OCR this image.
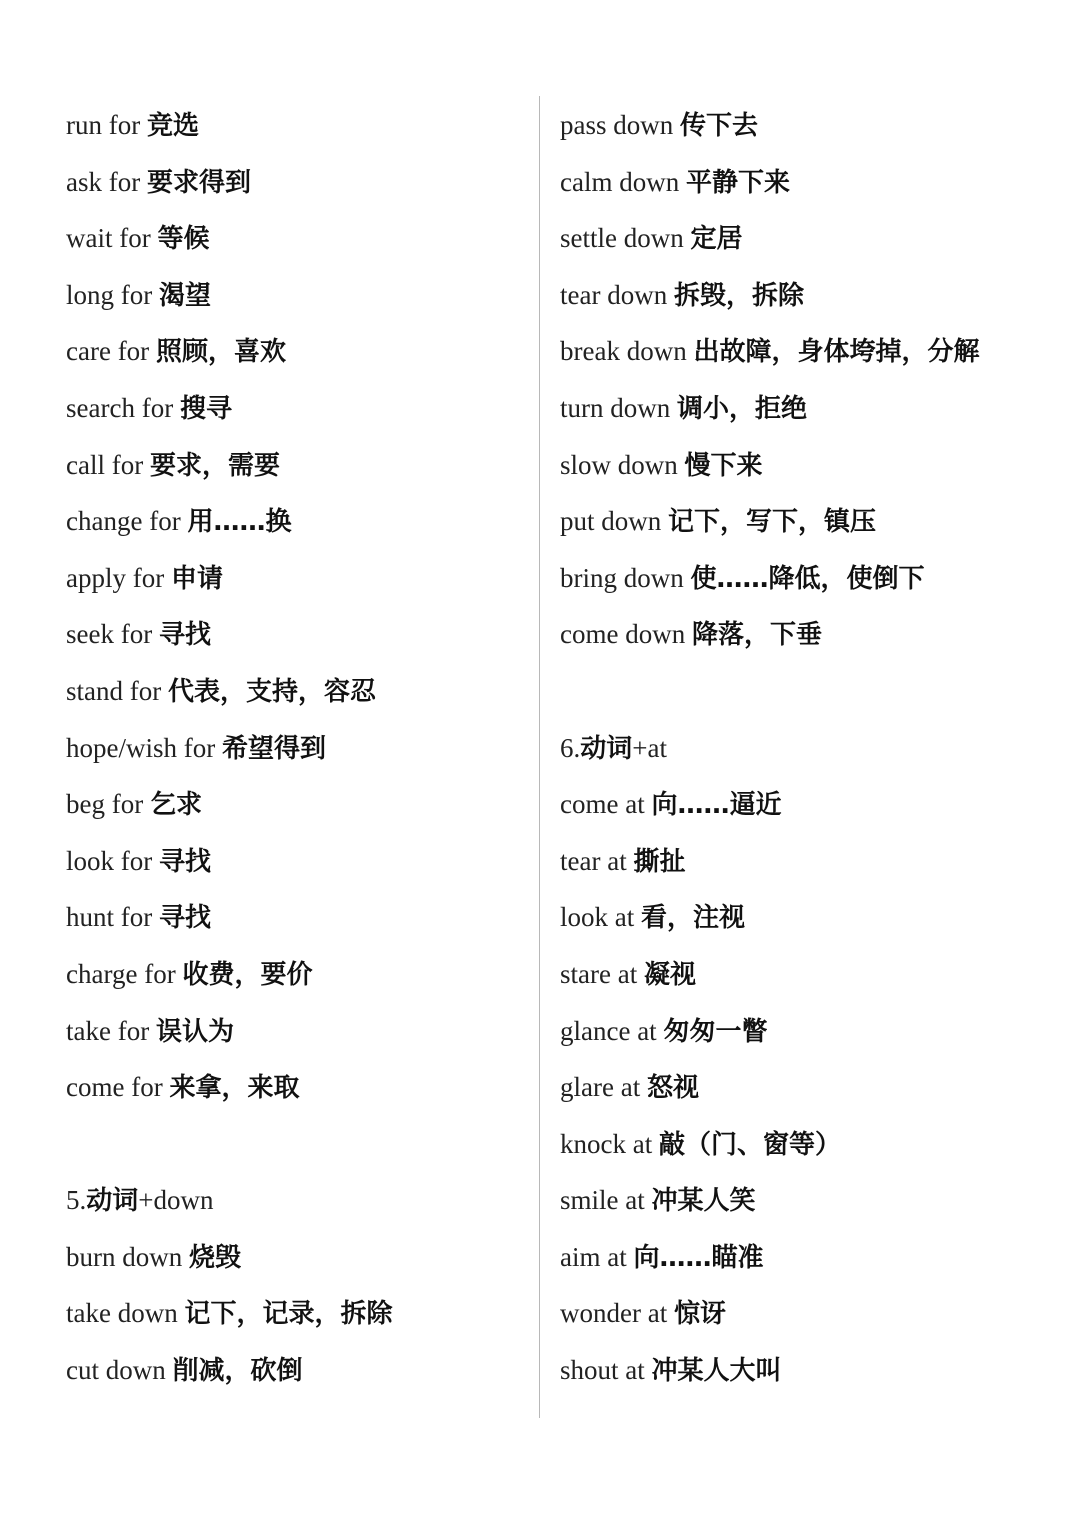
run for 竞选
ask for 要求得到
wait for 等候
long for 渴望
care for 照顾，喜欢
search for 搜寻
call for 要求，需要
change for 用……换
apply for 申请
seek for 寻找
stand for 代表，支持，容忍
hope/wish for 希望得到
beg for 乞求
look for 寻找
hunt for 寻找
charge for 收费，要价
take for 误认为
come for 来拿，来取
5.动词+down
burn down 烧毁
take down 记下，记录，拆除
cut down 削减，砍倒
pass down 传下去
calm down 平静下来
settle down 定居
tear down 拆毁，拆除
break down 出故障，身体垮掉，分解
turn down 调小，拒绝
slow down 慢下来
put down 记下，写下，镇压
bring down 使……降低，使倒下
come down 降落，下垂
6.动词+at
come at 向……逼近
tear at 撕扯
look at 看，注视
stare at 凝视
glance at 匆匆一瞥
glare at 怒视
knock at 敲（门、窗等）
smile at 冲某人笑
aim at 向……瞄准
wonder at 惊讶
shout at 冲某人大叫
